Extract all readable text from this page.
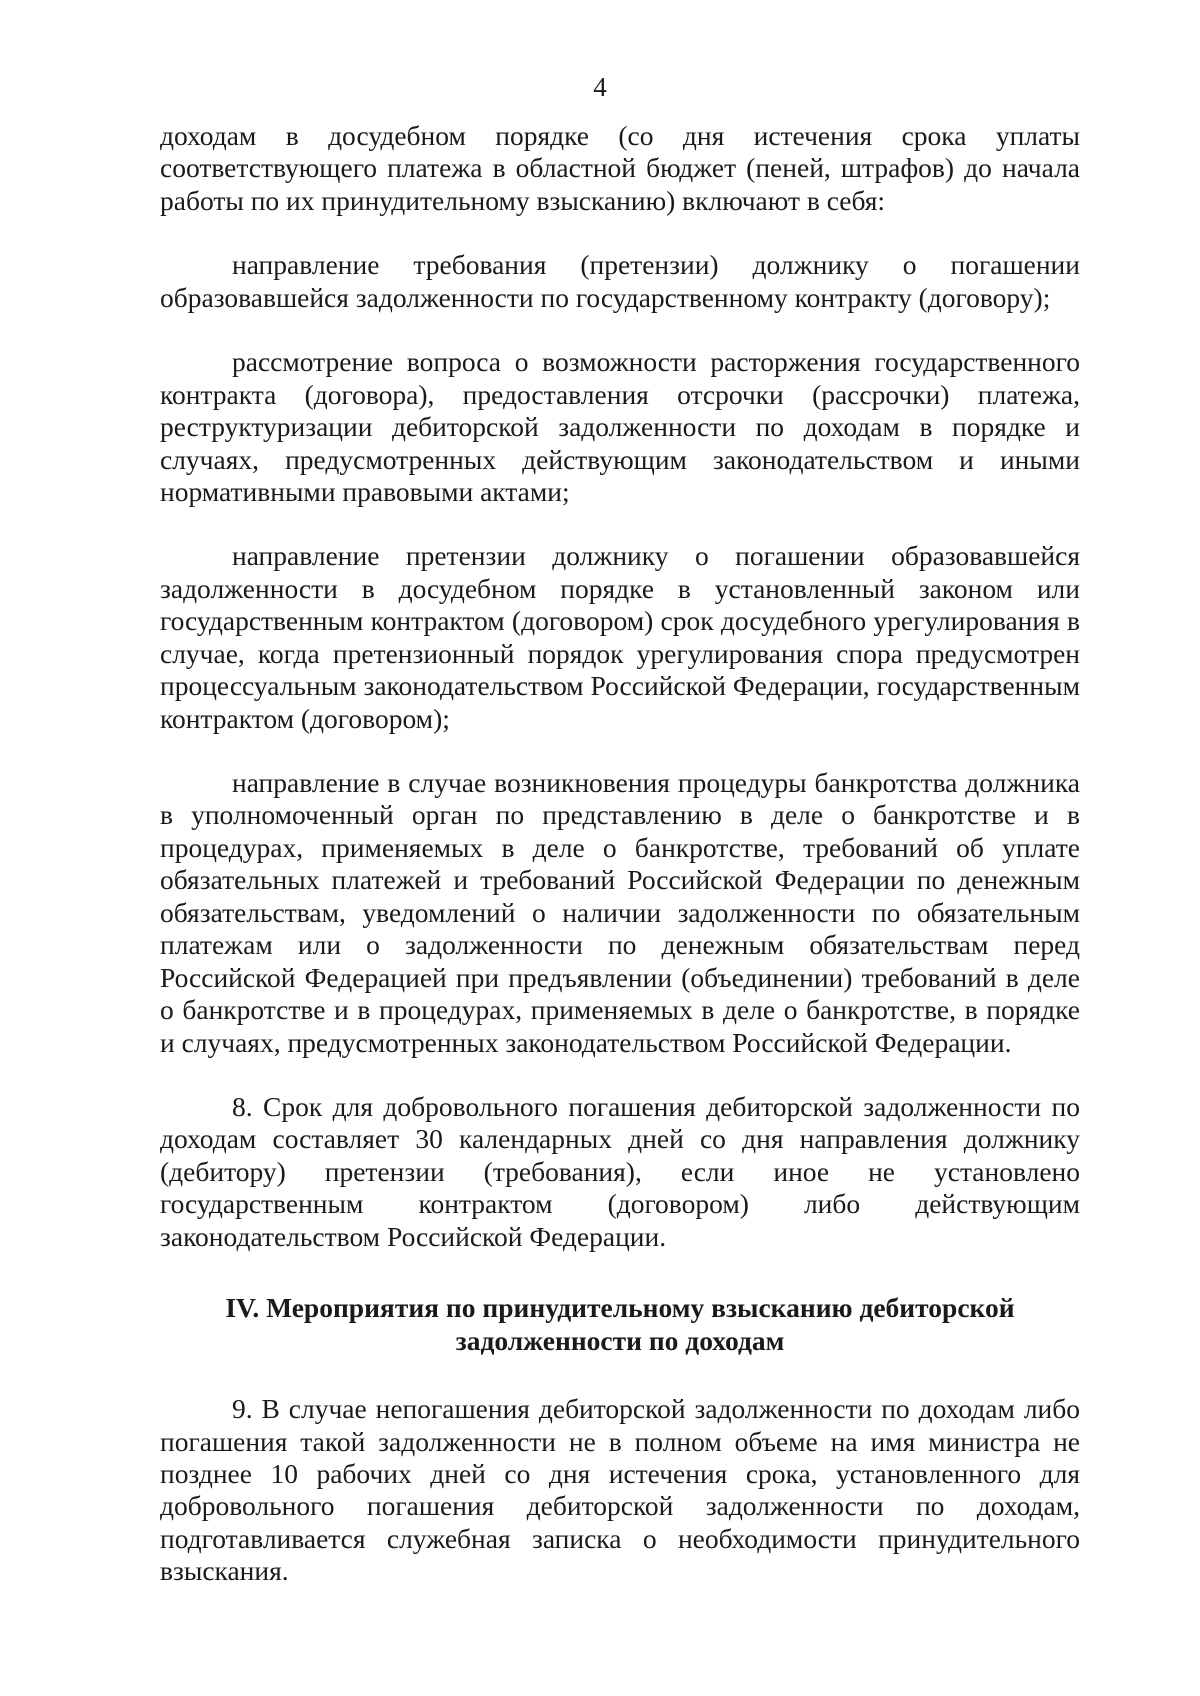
4

доходам в досудебном порядке (со дня истечения срока уплаты соответствующего платежа в областной бюджет (пеней, штрафов) до начала работы по их принудительному взысканию) включают в себя:

направление требования (претензии) должнику о погашении образовавшейся задолженности по государственному контракту (договору);

рассмотрение вопроса о возможности расторжения государственного контракта (договора), предоставления отсрочки (рассрочки) платежа, реструктуризации дебиторской задолженности по доходам в порядке и случаях, предусмотренных действующим законодательством и иными нормативными правовыми актами;

направление претензии должнику о погашении образовавшейся задолженности в досудебном порядке в установленный законом или государственным контрактом (договором) срок досудебного урегулирования в случае, когда претензионный порядок урегулирования спора предусмотрен процессуальным законодательством Российской Федерации, государственным контрактом (договором);

направление в случае возникновения процедуры банкротства должника в уполномоченный орган по представлению в деле о банкротстве и в процедурах, применяемых в деле о банкротстве, требований об уплате обязательных платежей и требований Российской Федерации по денежным обязательствам, уведомлений о наличии задолженности по обязательным платежам или о задолженности по денежным обязательствам перед Российской Федерацией при предъявлении (объединении) требований в деле о банкротстве и в процедурах, применяемых в деле о банкротстве, в порядке и случаях, предусмотренных законодательством Российской Федерации.

8. Срок для добровольного погашения дебиторской задолженности по доходам составляет 30 календарных дней со дня направления должнику (дебитору) претензии (требования), если иное не установлено государственным контрактом (договором) либо действующим законодательством Российской Федерации.

IV. Мероприятия по принудительному взысканию дебиторской задолженности по доходам

9. В случае непогашения дебиторской задолженности по доходам либо погашения такой задолженности не в полном объеме на имя министра не позднее 10 рабочих дней со дня истечения срока, установленного для добровольного погашения дебиторской задолженности по доходам, подготавливается служебная записка о необходимости принудительного взыскания.
